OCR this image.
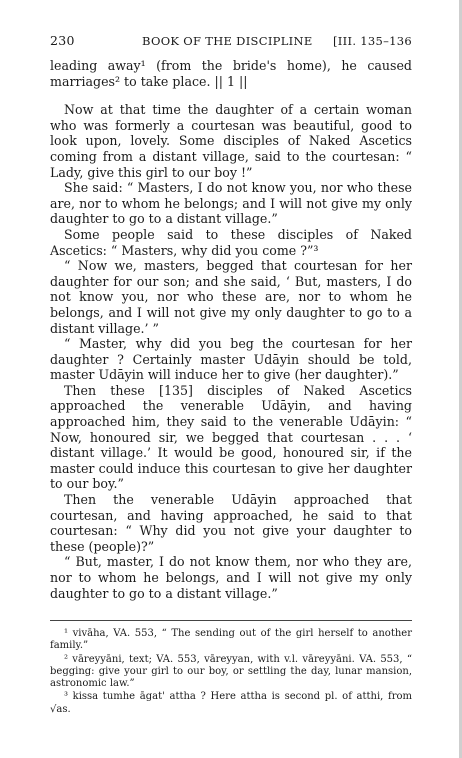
230	BOOK OF THE DISCIPLINE [III. 135–136

leading away¹ (from the bride's home), he caused marriages² to take place. || 1 ||

Now at that time the daughter of a certain woman who was formerly a courtesan was beautiful, good to look upon, lovely. Some disciples of Naked Ascetics coming from a distant village, said to the courtesan: “ Lady, give this girl to our boy !”

She said: “ Masters, I do not know you, nor who these are, nor to whom he belongs; and I will not give my only daughter to go to a distant village.”

Some people said to these disciples of Naked Ascetics: “ Masters, why did you come ?”³

“ Now we, masters, begged that courtesan for her daughter for our son; and she said, ‘ But, masters, I do not know you, nor who these are, nor to whom he belongs, and I will not give my only daughter to go to a distant village.’ ”

“ Master, why did you beg the courtesan for her daughter ? Certainly master Udāyin should be told, master Udāyin will induce her to give (her daughter).”

Then these [135] disciples of Naked Ascetics approached the venerable Udāyin, and having approached him, they said to the venerable Udāyin: “ Now, honoured sir, we begged that courtesan . . . ‘ distant village.’ It would be good, honoured sir, if the master could induce this courtesan to give her daughter to our boy.”

Then the venerable Udāyin approached that courtesan, and having approached, he said to that courtesan: “ Why did you not give your daughter to these (people)?”

“ But, master, I do not know them, nor who they are, nor to whom he belongs, and I will not give my only daughter to go to a distant village.”

¹ vivāha, VA. 553, “ The sending out of the girl herself to another family.”

² vāreyyāni, text; VA. 553, vāreyyan, with v.l. vāreyyāni. VA. 553, “ begging: give your girl to our boy, or settling the day, lunar mansion, astronomic law.”

³ kissa tumhe āgat' attha ? Here attha is second pl. of atthi, from √as.
